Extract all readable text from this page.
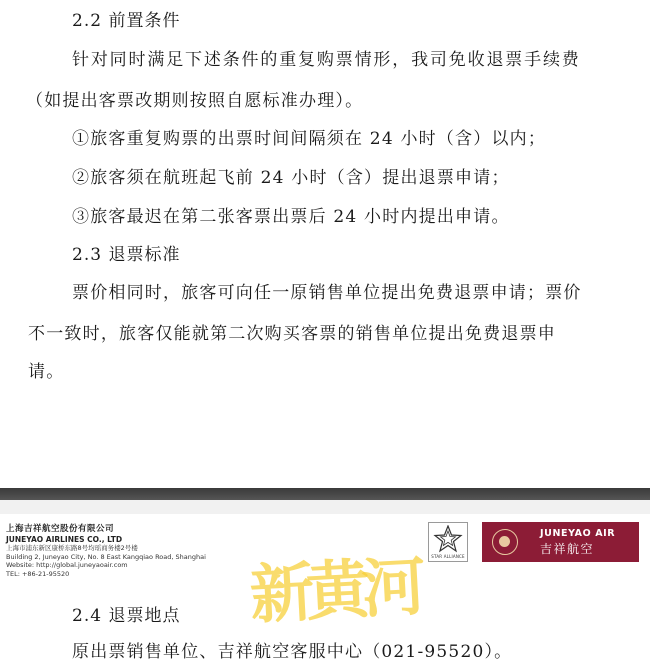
2.2 前置条件
针对同时满足下述条件的重复购票情形，我司免收退票手续费
（如提出客票改期则按照自愿标准办理）。
①旅客重复购票的出票时间间隔须在 24 小时（含）以内；
②旅客须在航班起飞前 24 小时（含）提出退票申请；
③旅客最迟在第二张客票出票后 24 小时内提出申请。
2.3 退票标准
票价相同时，旅客可向任一原销售单位提出免费退票申请；票价
不一致时，旅客仅能就第二次购买客票的销售单位提出免费退票申
请。
上海吉祥航空股份有限公司
JUNEYAO AIRLINES CO., LTD
上海市浦东新区康桥东路8号均瑶商务楼2号楼
Building 2, Juneyao City, No. 8 East Kangqiao Road, Shanghai
Website: http://global.juneyaoair.com
TEL: +86-21-95520
STAR ALLIANCE
JUNEYAO AIR
吉祥航空
2.4 退票地点
原出票销售单位、吉祥航空客服中心（021-95520）。
新黄河
